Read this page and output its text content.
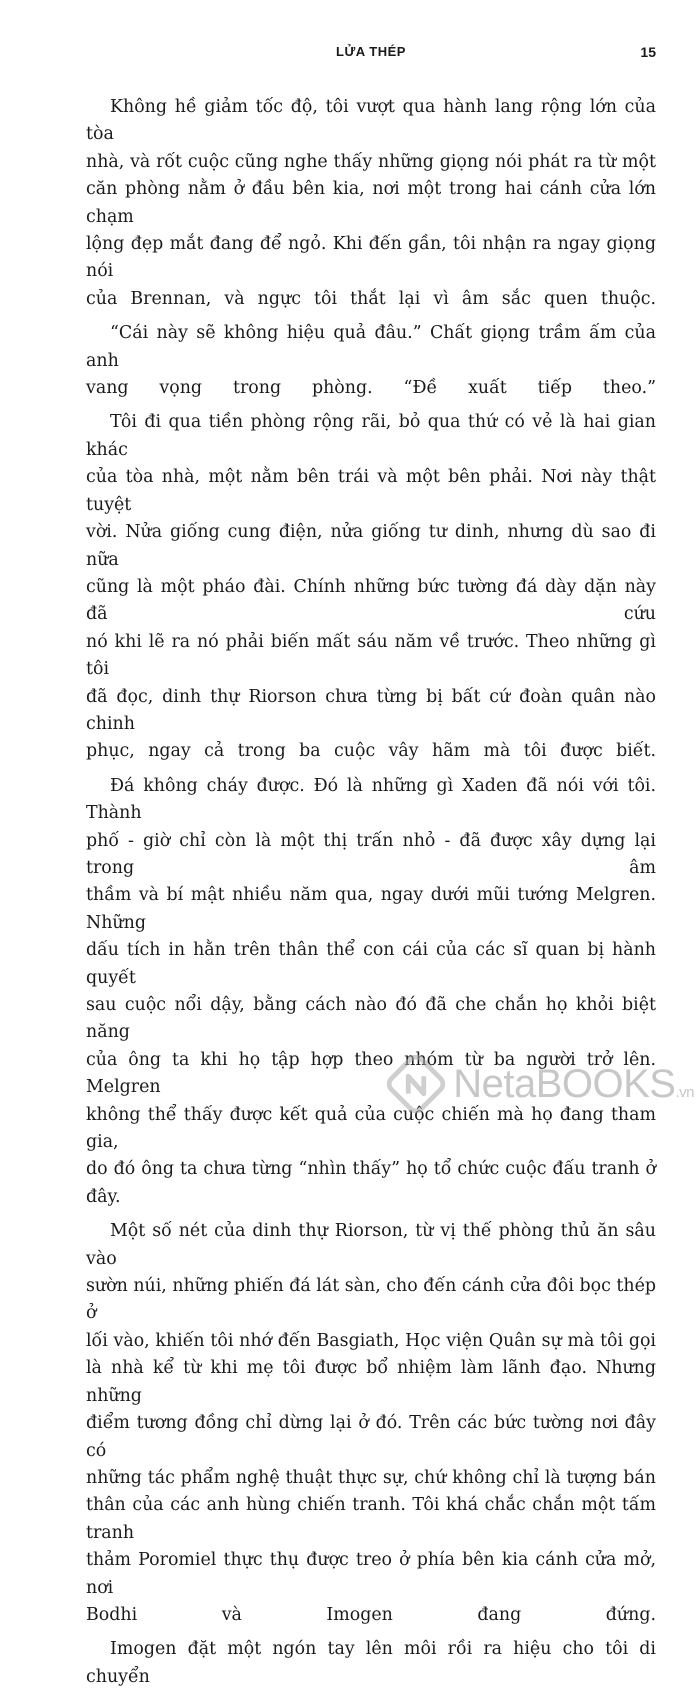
LỬA THÉP	15

Không hề giảm tốc độ, tôi vượt qua hành lang rộng lớn của tòa
nhà, và rốt cuộc cũng nghe thấy những giọng nói phát ra từ một
căn phòng nằm ở đầu bên kia, nơi một trong hai cánh cửa lớn chạm
lộng đẹp mắt đang để ngỏ. Khi đến gần, tôi nhận ra ngay giọng nói
của Brennan, và ngực tôi thắt lại vì âm sắc quen thuộc.

“Cái này sẽ không hiệu quả đâu.” Chất giọng trầm ấm của anh
vang vọng trong phòng. “Đề xuất tiếp theo.”

Tôi đi qua tiền phòng rộng rãi, bỏ qua thứ có vẻ là hai gian khác
của tòa nhà, một nằm bên trái và một bên phải. Nơi này thật tuyệt
vời. Nửa giống cung điện, nửa giống tư dinh, nhưng dù sao đi nữa
cũng là một pháo đài. Chính những bức tường đá dày dặn này đã cứu
nó khi lẽ ra nó phải biến mất sáu năm về trước. Theo những gì tôi
đã đọc, dinh thự Riorson chưa từng bị bất cứ đoàn quân nào chinh
phục, ngay cả trong ba cuộc vây hãm mà tôi được biết.

Đá không cháy được. Đó là những gì Xaden đã nói với tôi. Thành
phố - giờ chỉ còn là một thị trấn nhỏ - đã được xây dựng lại trong âm
thầm và bí mật nhiều năm qua, ngay dưới mũi tướng Melgren. Những
dấu tích in hằn trên thân thể con cái của các sĩ quan bị hành quyết
sau cuộc nổi dậy, bằng cách nào đó đã che chắn họ khỏi biệt năng
của ông ta khi họ tập hợp theo nhóm từ ba người trở lên. Melgren
không thể thấy được kết quả của cuộc chiến mà họ đang tham gia,
do đó ông ta chưa từng “nhìn thấy” họ tổ chức cuộc đấu tranh ở đây.

Một số nét của dinh thự Riorson, từ vị thế phòng thủ ăn sâu vào
sườn núi, những phiến đá lát sàn, cho đến cánh cửa đôi bọc thép ở
lối vào, khiến tôi nhớ đến Basgiath, Học viện Quân sự mà tôi gọi
là nhà kể từ khi mẹ tôi được bổ nhiệm làm lãnh đạo. Nhưng những
điểm tương đồng chỉ dừng lại ở đó. Trên các bức tường nơi đây có
những tác phẩm nghệ thuật thực sự, chứ không chỉ là tượng bán
thân của các anh hùng chiến tranh. Tôi khá chắc chắn một tấm tranh
thảm Poromiel thực thụ được treo ở phía bên kia cánh cửa mở, nơi
Bodhi và Imogen đang đứng.

Imogen đặt một ngón tay lên môi rồi ra hiệu cho tôi di chuyển

NetaBOOKS.vn
